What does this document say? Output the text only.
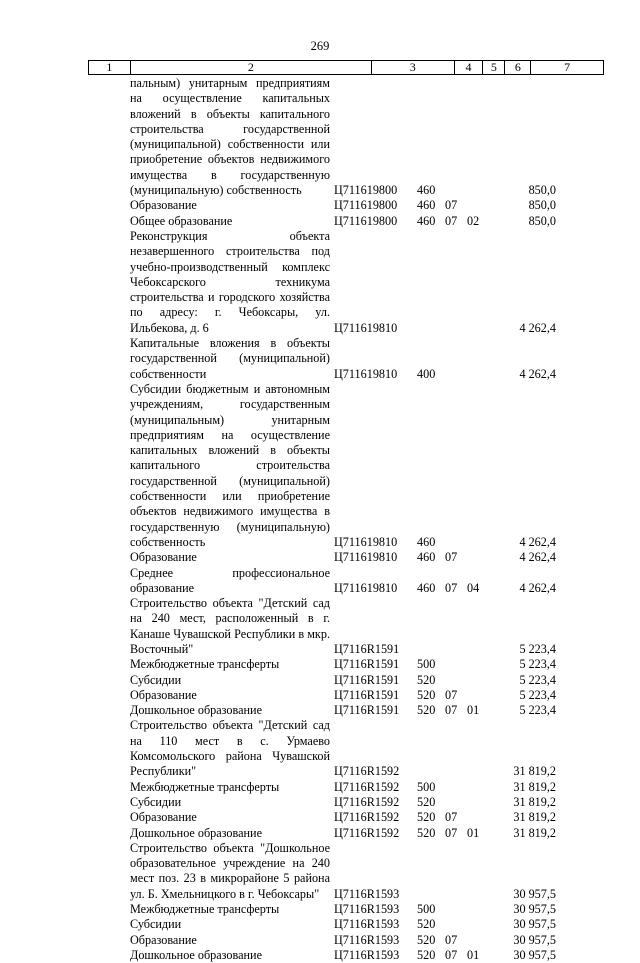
269
1	2	3	4	5	6	7
пальным) унитарным предприятиям на осуществление капитальных вложений в объекты капитального строительства государственной (муниципальной) собственности или приобретение объектов недвижимого имущества в государственную (муниципальную) собственность	Ц711619800	460	850,0
Образование	Ц711619800	460 07	850,0
Общее образование	Ц711619800	460 07 02	850,0
Реконструкция объекта незавершенного строительства под учебно-производственный комплекс Чебоксарского техникума строительства и городского хозяйства по адресу: г. Чебоксары, ул. Ильбекова, д. 6	Ц711619810	4 262,4
Капитальные вложения в объекты государственной (муниципальной) собственности	Ц711619810	400	4 262,4
Субсидии бюджетным и автономным учреждениям, государственным (муниципальным) унитарным предприятиям на осуществление капитальных вложений в объекты капитального строительства государственной (муниципальной) собственности или приобретение объектов недвижимого имущества в государственную (муниципальную) собственность	Ц711619810	460	4 262,4
Образование	Ц711619810	460 07	4 262,4
Среднее профессиональное образование	Ц711619810	460 07 04	4 262,4
Строительство объекта "Детский сад на 240 мест, расположенный в г. Канаше Чувашской Республики в мкр. Восточный"	Ц7116R1591	5 223,4
Межбюджетные трансферты	Ц7116R1591	500	5 223,4
Субсидии	Ц7116R1591	520	5 223,4
Образование	Ц7116R1591	520 07	5 223,4
Дошкольное образование	Ц7116R1591	520 07 01	5 223,4
Строительство объекта "Детский сад на 110 мест в с. Урмаево Комсомольского района Чувашской Республики"	Ц7116R1592	31 819,2
Межбюджетные трансферты	Ц7116R1592	500	31 819,2
Субсидии	Ц7116R1592	520	31 819,2
Образование	Ц7116R1592	520 07	31 819,2
Дошкольное образование	Ц7116R1592	520 07 01	31 819,2
Строительство объекта "Дошкольное образовательное учреждение на 240 мест поз. 23 в микрорайоне 5 района ул. Б. Хмельницкого в г. Чебоксары"	Ц7116R1593	30 957,5
Межбюджетные трансферты	Ц7116R1593	500	30 957,5
Субсидии	Ц7116R1593	520	30 957,5
Образование	Ц7116R1593	520 07	30 957,5
Дошкольное образование	Ц7116R1593	520 07 01	30 957,5
